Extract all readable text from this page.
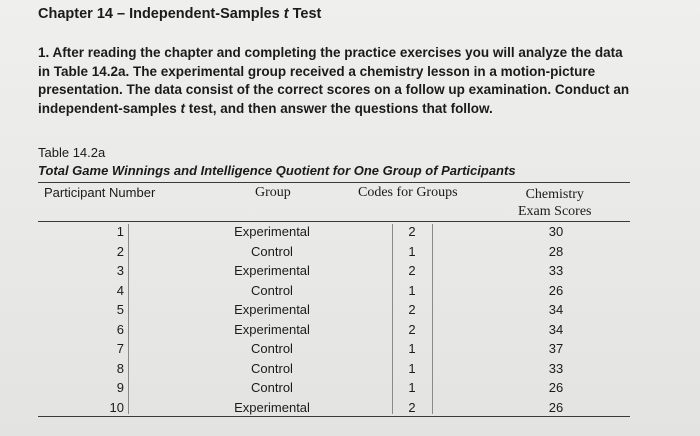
Chapter 14 – Independent-Samples t Test
1. After reading the chapter and completing the practice exercises you will analyze the data in Table 14.2a. The experimental group received a chemistry lesson in a motion-picture presentation. The data consist of the correct scores on a follow up examination. Conduct an independent-samples t test, and then answer the questions that follow.
Table 14.2a
Total Game Winnings and Intelligence Quotient for One Group of Participants
Participant Number	Group	Codes for Groups	Chemistry
Exam Scores
1	Experimental	2	30
2	Control	1	28
3	Experimental	2	33
4	Control	1	26
5	Experimental	2	34
6	Experimental	2	34
7	Control	1	37
8	Control	1	33
9	Control	1	26
10	Experimental	2	26
